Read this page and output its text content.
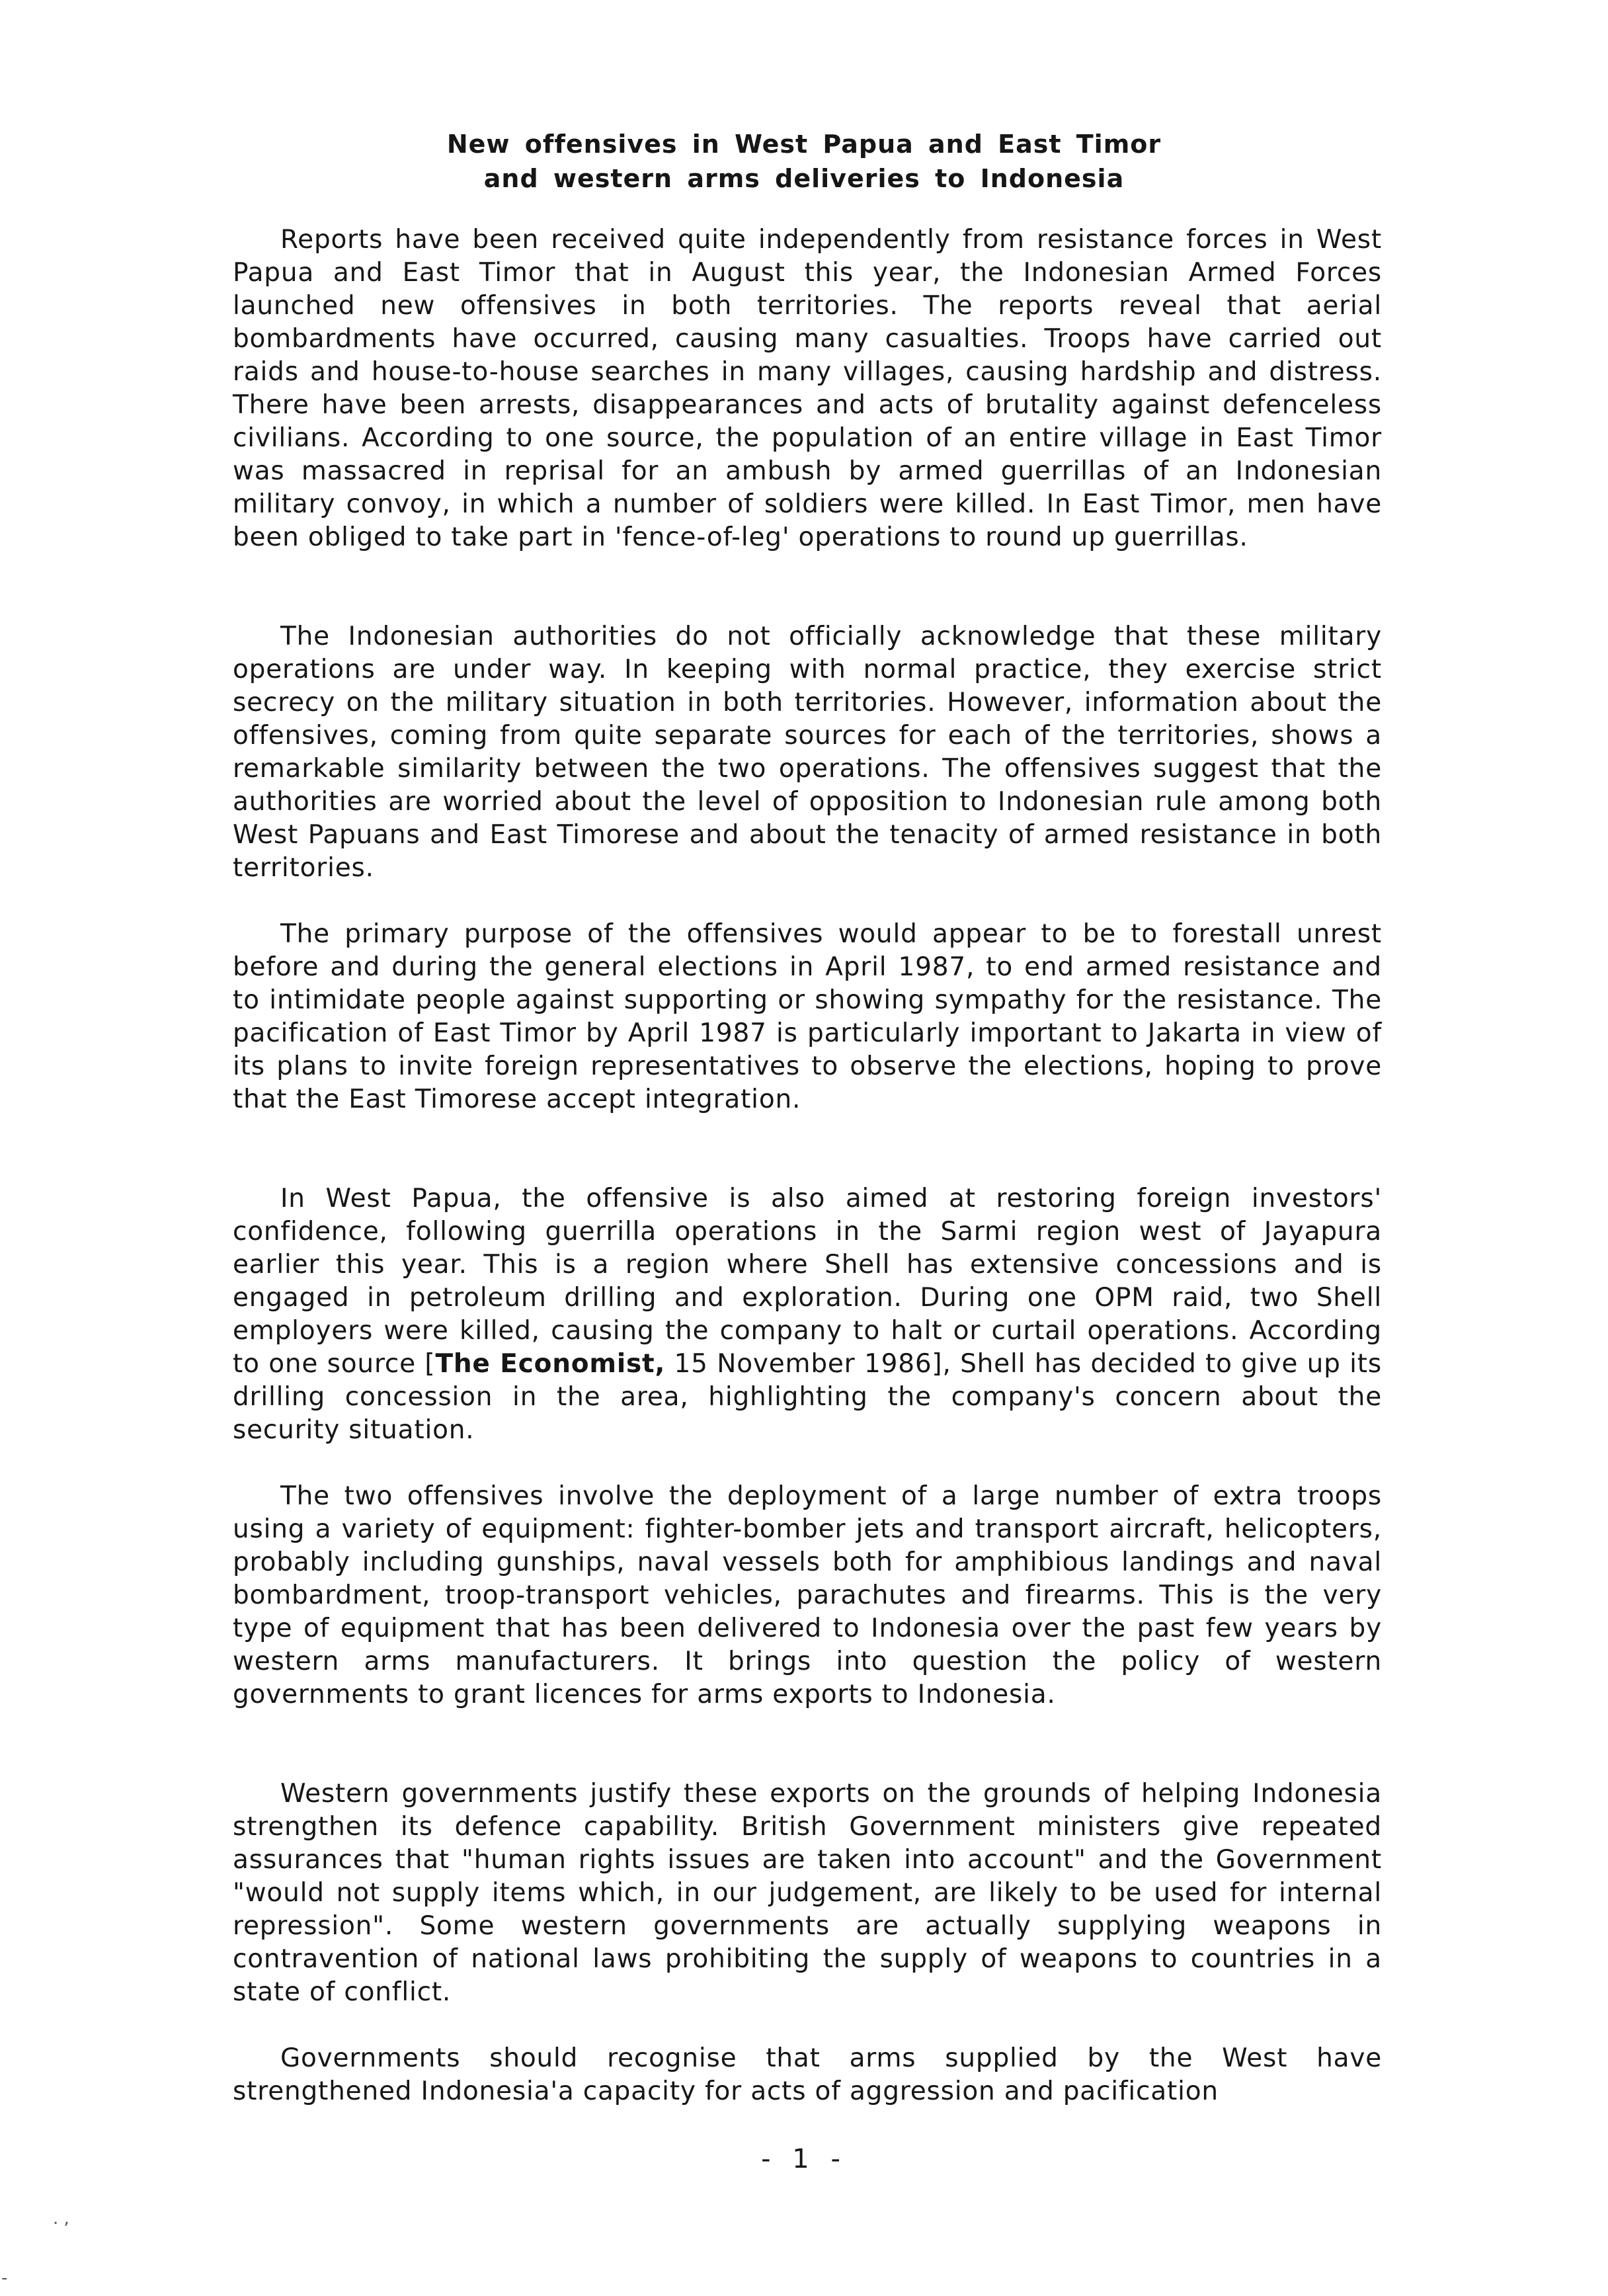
New offensives in West Papua and East Timor
and western arms deliveries to Indonesia

Reports have been received quite independently from resistance forces in West Papua and East Timor that in August this year, the Indonesian Armed Forces launched new offensives in both territories. The reports reveal that aerial bombardments have occurred, causing many casualties. Troops have carried out raids and house-to-house searches in many villages, causing hardship and distress. There have been arrests, disappearances and acts of brutality against defenceless civilians. According to one source, the population of an entire village in East Timor was massacred in reprisal for an ambush by armed guerrillas of an Indonesian military convoy, in which a number of soldiers were killed. In East Timor, men have been obliged to take part in 'fence-of-leg' operations to round up guerrillas.

The Indonesian authorities do not officially acknowledge that these military operations are under way. In keeping with normal practice, they exercise strict secrecy on the military situation in both territories. However, information about the offensives, coming from quite separate sources for each of the territories, shows a remarkable similarity between the two operations. The offensives suggest that the authorities are worried about the level of opposition to Indonesian rule among both West Papuans and East Timorese and about the tenacity of armed resistance in both territories.

The primary purpose of the offensives would appear to be to forestall unrest before and during the general elections in April 1987, to end armed resistance and to intimidate people against supporting or showing sympathy for the resistance. The pacification of East Timor by April 1987 is particularly important to Jakarta in view of its plans to invite foreign representatives to observe the elections, hoping to prove that the East Timorese accept integration.

In West Papua, the offensive is also aimed at restoring foreign investors' confidence, following guerrilla operations in the Sarmi region west of Jayapura earlier this year. This is a region where Shell has extensive concessions and is engaged in petroleum drilling and exploration. During one OPM raid, two Shell employers were killed, causing the company to halt or curtail operations. According to one source [The Economist, 15 November 1986], Shell has decided to give up its drilling concession in the area, highlighting the company's concern about the security situation.

The two offensives involve the deployment of a large number of extra troops using a variety of equipment: fighter-bomber jets and transport aircraft, helicopters, probably including gunships, naval vessels both for amphibious landings and naval bombardment, troop-transport vehicles, parachutes and firearms. This is the very type of equipment that has been delivered to Indonesia over the past few years by western arms manufacturers. It brings into question the policy of western governments to grant licences for arms exports to Indonesia.

Western governments justify these exports on the grounds of helping Indonesia strengthen its defence capability. British Government ministers give repeated assurances that "human rights issues are taken into account" and the Government "would not supply items which, in our judgement, are likely to be used for internal repression". Some western governments are actually supplying weapons in contravention of national laws prohibiting the supply of weapons to countries in a state of conflict.

Governments should recognise that arms supplied by the West have strengthened Indonesia'a capacity for acts of aggression and pacification

- 1 -
. ,
-
